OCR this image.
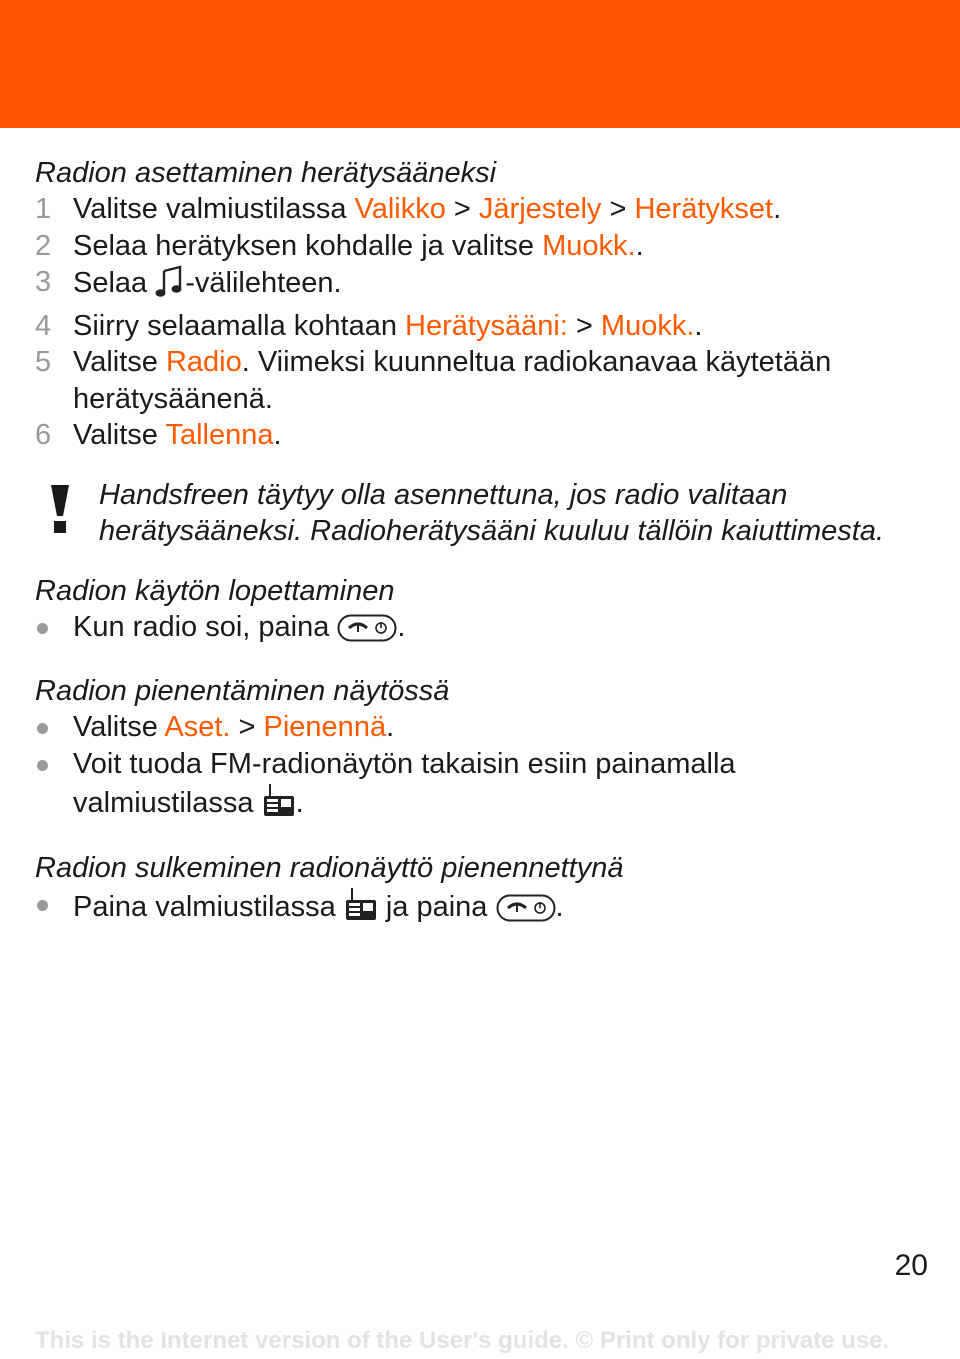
Radion asettaminen herätysääneksi
1 Valitse valmiustilassa Valikko > Järjestely > Herätykset.
2 Selaa herätyksen kohdalle ja valitse Muokk..
3 Selaa -välilehteen.
4 Siirry selaamalla kohtaan Herätysääni: > Muokk..
5 Valitse Radio. Viimeksi kuunneltua radiokanavaa käytetään
herätysäänenä.
6 Valitse Tallenna.
Handsfreen täytyy olla asennettuna, jos radio valitaan
herätysääneksi. Radioherätysääni kuuluu tällöin kaiuttimesta.
Radion käytön lopettaminen
Kun radio soi, paina .
Radion pienentäminen näytössä
Valitse Aset. > Pienennä.
Voit tuoda FM-radionäytön takaisin esiin painamalla
valmiustilassa .
Radion sulkeminen radionäyttö pienennettynä
Paina valmiustilassa  ja paina .
20
This is the Internet version of the User's guide. © Print only for private use.
